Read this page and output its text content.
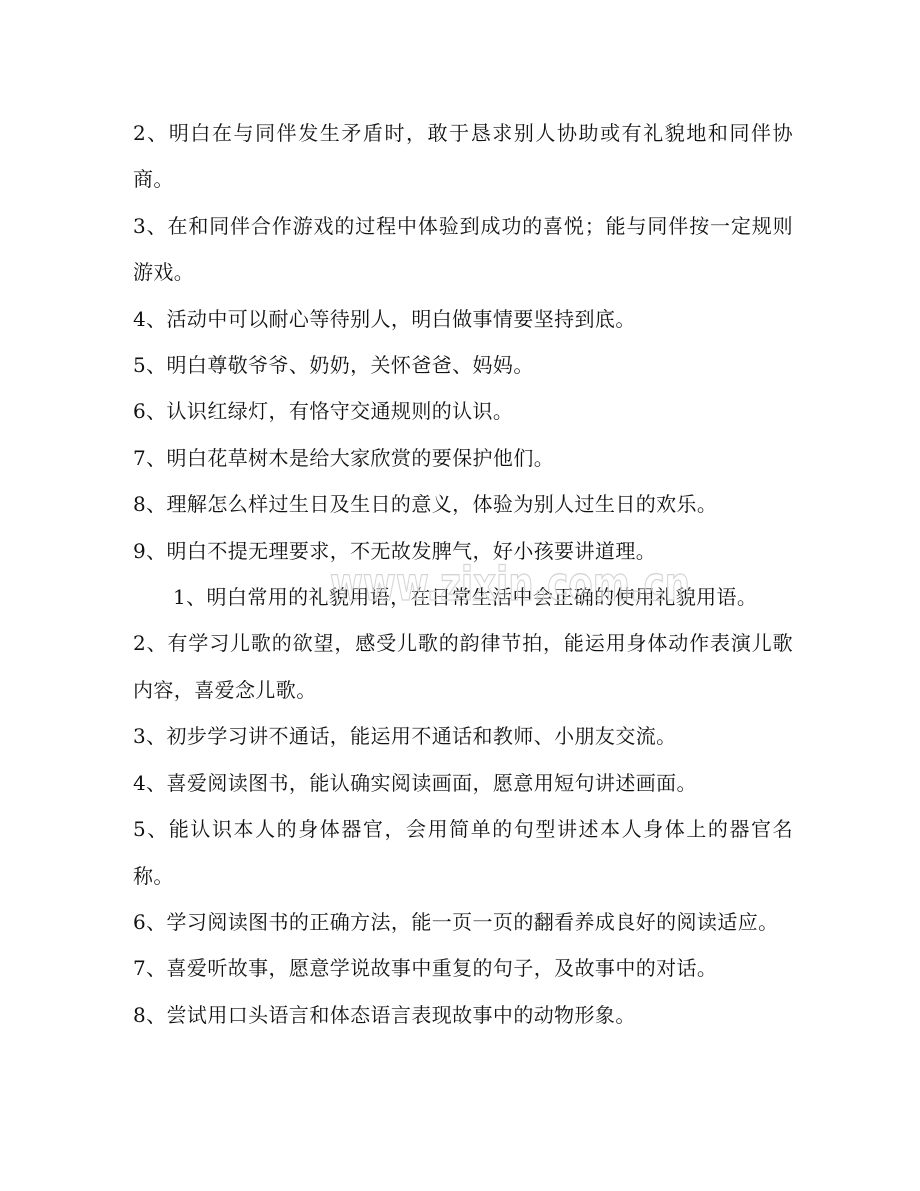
2、明白在与同伴发生矛盾时，敢于恳求别人协助或有礼貌地和同伴协商。

3、在和同伴合作游戏的过程中体验到成功的喜悦；能与同伴按一定规则游戏。

4、活动中可以耐心等待别人，明白做事情要坚持到底。

5、明白尊敬爷爷、奶奶，关怀爸爸、妈妈。

6、认识红绿灯，有恪守交通规则的认识。

7、明白花草树木是给大家欣赏的要保护他们。

8、理解怎么样过生日及生日的意义，体验为别人过生日的欢乐。

9、明白不提无理要求，不无故发脾气，好小孩要讲道理。

1、明白常用的礼貌用语，在日常生活中会正确的使用礼貌用语。

2、有学习儿歌的欲望，感受儿歌的韵律节拍，能运用身体动作表演儿歌内容，喜爱念儿歌。

3、初步学习讲不通话，能运用不通话和教师、小朋友交流。

4、喜爱阅读图书，能认确实阅读画面，愿意用短句讲述画面。

5、能认识本人的身体器官，会用简单的句型讲述本人身体上的器官名称。

6、学习阅读图书的正确方法，能一页一页的翻看养成良好的阅读适应。

7、喜爱听故事，愿意学说故事中重复的句子，及故事中的对话。

8、尝试用口头语言和体态语言表现故事中的动物形象。

www.zixin.com.cn
